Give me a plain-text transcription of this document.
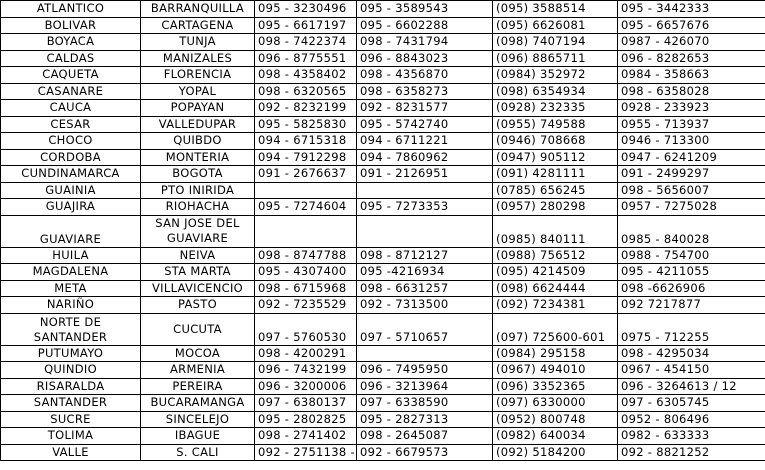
ATLANTICO	BARRANQUILLA	095 - 3230496	095 - 3589543	(095) 3588514	095 - 3442333
BOLIVAR	CARTAGENA	095 - 6617197	095 - 6602288	(095) 6626081	095 - 6657676
BOYACA	TUNJA	098 - 7422374	098 - 7431794	(098) 7407194	0987 - 426070
CALDAS	MANIZALES	096 - 8775551	096 - 8843023	(096) 8865711	096 - 8282653
CAQUETA	FLORENCIA	098 - 4358402	098 - 4356870	(0984) 352972	0984 - 358663
CASANARE	YOPAL	098 - 6320565	098 - 6358273	(098) 6354934	098 - 6358028
CAUCA	POPAYAN	092 - 8232199	092 - 8231577	(0928) 232335	0928 - 233923
CESAR	VALLEDUPAR	095 - 5825830	095 - 5742740	(0955) 749588	0955 - 713937
CHOCO	QUIBDO	094 - 6715318	094 - 6711221	(0946) 708668	0946 - 713300
CORDOBA	MONTERIA	094 - 7912298	094 - 7860962	(0947) 905112	0947 - 6241209
CUNDINAMARCA	BOGOTA	091 - 2676637	091 - 2126951	(091) 4281111	091 - 2499297
GUAINIA	PTO INIRIDA			(0785) 656245	098 - 5656007
GUAJIRA	RIOHACHA	095 - 7274604	095 - 7273353	(0957) 280298	0957 - 7275028
GUAVIARE	SAN JOSE DEL GUAVIARE			(0985) 840111	0985 - 840028
HUILA	NEIVA	098 - 8747788	098 - 8712127	(0988) 756512	0988 - 754700
MAGDALENA	STA MARTA	095 - 4307400	095 -4216934	(095) 4214509	095 - 4211055
META	VILLAVICENCIO	098 - 6715968	098 - 6631257	(098) 6624444	098 -6626906
NARIÑO	PASTO	092 - 7235529	092 - 7313500	(092) 7234381	092 7217877
NORTE DE SANTANDER	CUCUTA	097 - 5760530	097 - 5710657	(097) 725600-601	0975 - 712255
PUTUMAYO	MOCOA	098 - 4200291		(0984) 295158	098 - 4295034
QUINDIO	ARMENIA	096 - 7432199	096 - 7495950	(0967) 494010	0967 - 454150
RISARALDA	PEREIRA	096 - 3200006	096 - 3213964	(096) 3352365	096 - 3264613 / 12
SANTANDER	BUCARAMANGA	097 - 6380137	097 - 6338590	(097) 6330000	097 - 6305745
SUCRE	SINCELEJO	095 - 2802825	095 - 2827313	(0952) 800748	0952 - 806496
TOLIMA	IBAGUE	098 - 2741402	098 - 2645087	(0982) 640034	0982 - 633333
VALLE	S. CALI	092 - 2751138 -	092 - 6679573	(092) 5184200	092 - 8821252
